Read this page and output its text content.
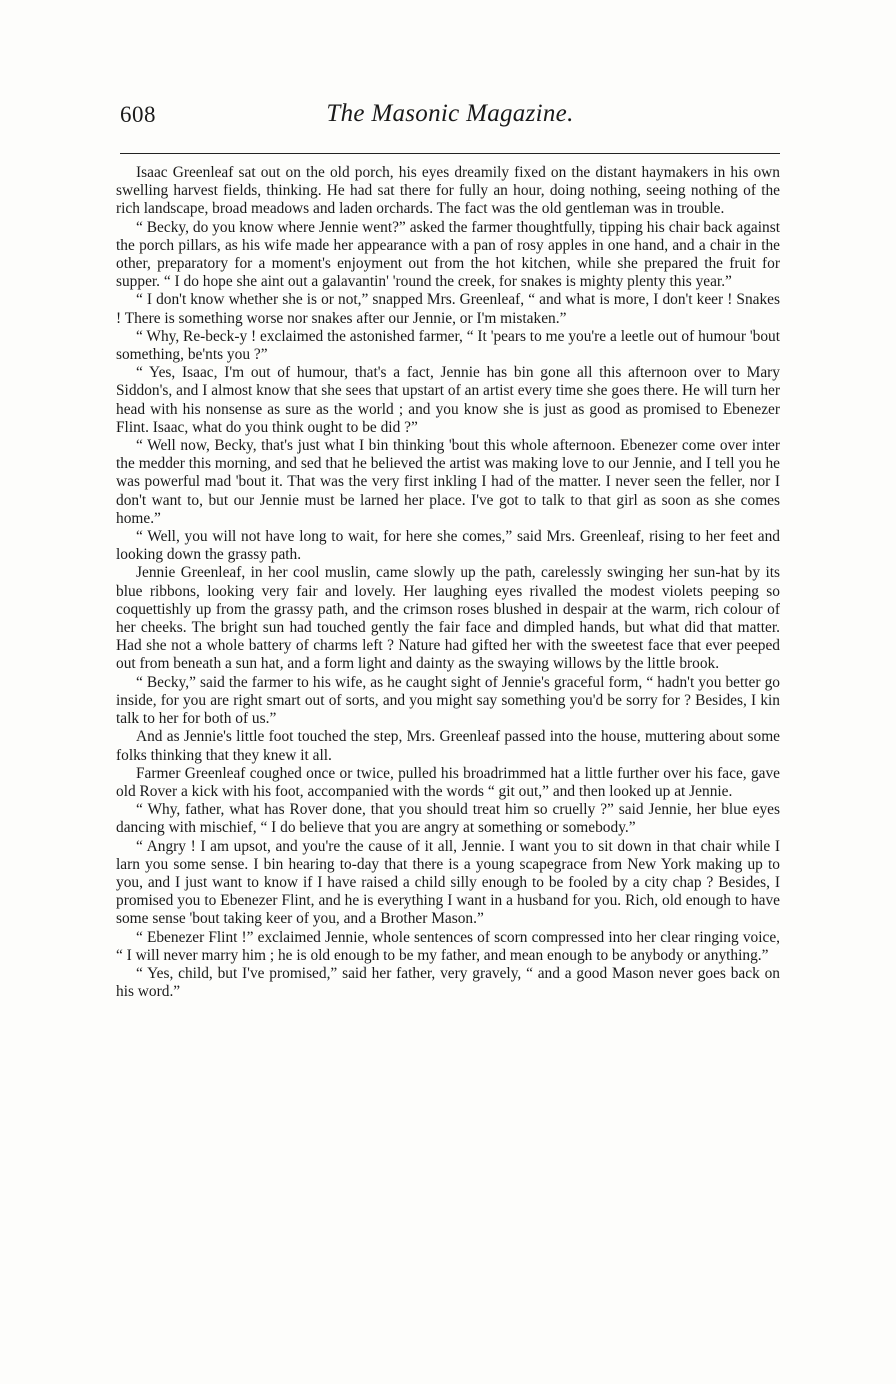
608	The Masonic Magazine.

Isaac Greenleaf sat out on the old porch, his eyes dreamily fixed on the distant haymakers in his own swelling harvest fields, thinking. He had sat there for fully an hour, doing nothing, seeing nothing of the rich landscape, broad meadows and laden orchards. The fact was the old gentleman was in trouble.

“ Becky, do you know where Jennie went?” asked the farmer thoughtfully, tipping his chair back against the porch pillars, as his wife made her appearance with a pan of rosy apples in one hand, and a chair in the other, preparatory for a moment's enjoyment out from the hot kitchen, while she prepared the fruit for supper. “ I do hope she aint out a galavantin' 'round the creek, for snakes is mighty plenty this year.”

“ I don't know whether she is or not,” snapped Mrs. Greenleaf, “ and what is more, I don't keer ! Snakes ! There is something worse nor snakes after our Jennie, or I'm mistaken.”

“ Why, Re-beck-y ! exclaimed the astonished farmer, “ It 'pears to me you're a leetle out of humour 'bout something, be'nts you ?”

“ Yes, Isaac, I'm out of humour, that's a fact, Jennie has bin gone all this afternoon over to Mary Siddon's, and I almost know that she sees that upstart of an artist every time she goes there. He will turn her head with his nonsense as sure as the world ; and you know she is just as good as promised to Ebenezer Flint. Isaac, what do you think ought to be did ?”

“ Well now, Becky, that's just what I bin thinking 'bout this whole afternoon. Ebenezer come over inter the medder this morning, and sed that he believed the artist was making love to our Jennie, and I tell you he was powerful mad 'bout it. That was the very first inkling I had of the matter. I never seen the feller, nor I don't want to, but our Jennie must be larned her place. I've got to talk to that girl as soon as she comes home.”

“ Well, you will not have long to wait, for here she comes,” said Mrs. Greenleaf, rising to her feet and looking down the grassy path.

Jennie Greenleaf, in her cool muslin, came slowly up the path, carelessly swinging her sun-hat by its blue ribbons, looking very fair and lovely. Her laughing eyes rivalled the modest violets peeping so coquettishly up from the grassy path, and the crimson roses blushed in despair at the warm, rich colour of her cheeks. The bright sun had touched gently the fair face and dimpled hands, but what did that matter. Had she not a whole battery of charms left ? Nature had gifted her with the sweetest face that ever peeped out from beneath a sun hat, and a form light and dainty as the swaying willows by the little brook.

“ Becky,” said the farmer to his wife, as he caught sight of Jennie's graceful form, “ hadn't you better go inside, for you are right smart out of sorts, and you might say something you'd be sorry for ? Besides, I kin talk to her for both of us.”

And as Jennie's little foot touched the step, Mrs. Greenleaf passed into the house, muttering about some folks thinking that they knew it all.

Farmer Greenleaf coughed once or twice, pulled his broadrimmed hat a little further over his face, gave old Rover a kick with his foot, accompanied with the words “ git out,” and then looked up at Jennie.

“ Why, father, what has Rover done, that you should treat him so cruelly ?” said Jennie, her blue eyes dancing with mischief, “ I do believe that you are angry at something or somebody.”

“ Angry ! I am upsot, and you're the cause of it all, Jennie. I want you to sit down in that chair while I larn you some sense. I bin hearing to-day that there is a young scapegrace from New York making up to you, and I just want to know if I have raised a child silly enough to be fooled by a city chap ? Besides, I promised you to Ebenezer Flint, and he is everything I want in a husband for you. Rich, old enough to have some sense 'bout taking keer of you, and a Brother Mason.”

“ Ebenezer Flint !” exclaimed Jennie, whole sentences of scorn compressed into her clear ringing voice, “ I will never marry him ; he is old enough to be my father, and mean enough to be anybody or anything.”

“ Yes, child, but I've promised,” said her father, very gravely, “ and a good Mason never goes back on his word.”
